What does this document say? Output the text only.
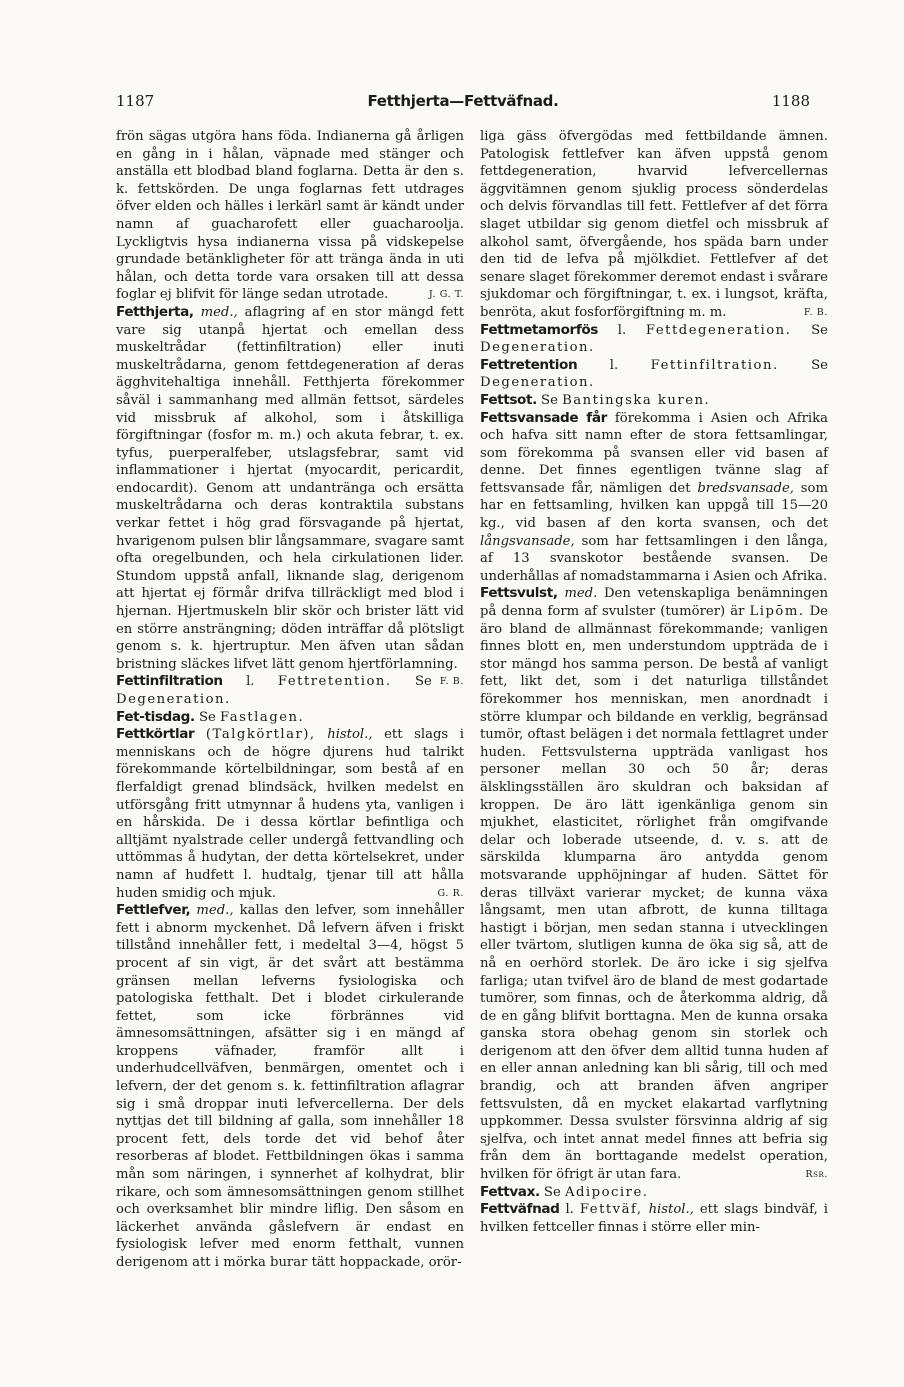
1187	Fetthjerta—Fettväfnad.	1188

frön sägas utgöra hans föda. Indianerna gå årligen en gång in i hålan, väpnade med stänger och anställa ett blodbad bland foglarna. Detta är den s. k. fettskörden. De unga foglarnas fett utdrages öfver elden och hälles i lerkärl samt är kändt under namn af guacharofett eller guacharoolja. Lyckligtvis hysa indianerna vissa på vidskepelse grundade betänkligheter för att tränga ända in uti hålan, och detta torde vara orsaken till att dessa foglar ej blifvit för länge sedan utrotade.	J. G. T.

Fetthjerta, med., aflagring af en stor mängd fett vare sig utanpå hjertat och emellan dess muskeltrådar (fettinfiltration) eller inuti muskeltrådarna, genom fettdegeneration af deras ägghvitehaltiga innehåll. Fetthjerta förekommer såväl i sammanhang med allmän fettsot, särdeles vid missbruk af alkohol, som i åtskilliga förgiftningar (fosfor m. m.) och akuta febrar, t. ex. tyfus, puerperalfeber, utslagsfebrar, samt vid inflammationer i hjertat (myocardit, pericardit, endocardit). Genom att undantränga och ersätta muskeltrådarna och deras kontraktila substans verkar fettet i hög grad försvagande på hjertat, hvarigenom pulsen blir långsammare, svagare samt ofta oregelbunden, och hela cirkulationen lider. Stundom uppstå anfall, liknande slag, derigenom att hjertat ej förmår drifva tillräckligt med blod i hjernan. Hjertmuskeln blir skör och brister lätt vid en större ansträngning; döden inträffar då plötsligt genom s. k. hjertruptur. Men äfven utan sådan bristning släckes lifvet lätt genom hjertförlamning.
F. B.

Fettinfiltration l. Fettretention. Se Degeneration.

Fet-tisdag. Se Fastlagen.

Fettkörtlar (Talgkörtlar), histol., ett slags i menniskans och de högre djurens hud talrikt förekommande körtelbildningar, som bestå af en flerfaldigt grenad blindsäck, hvilken medelst en utförsgång fritt utmynnar å hudens yta, vanligen i en hårskida. De i dessa körtlar befintliga och alltjämt nyalstrade celler undergå fettvandling och uttömmas å hudytan, der detta körtelsekret, under namn af hudfett l. hudtalg, tjenar till att hålla huden smidig och mjuk.	G. R.

Fettlefver, med., kallas den lefver, som innehåller fett i abnorm myckenhet. Då lefvern äfven i friskt tillstånd innehåller fett, i medeltal 3—4, högst 5 procent af sin vigt, är det svårt att bestämma gränsen mellan lefverns fysiologiska och patologiska fetthalt. Det i blodet cirkulerande fettet, som icke förbrännes vid ämnesomsättningen, afsätter sig i en mängd af kroppens väfnader, framför allt i underhudcellväfven, benmärgen, omentet och i lefvern, der det genom s. k. fettinfiltration aflagrar sig i små droppar inuti lefvercellerna. Der dels nyttjas det till bildning af galla, som innehåller 18 procent fett, dels torde det vid behof åter resorberas af blodet. Fettbildningen ökas i samma mån som näringen, i synnerhet af kolhydrat, blir rikare, och som ämnesomsättningen genom stillhet och overksamhet blir mindre liflig. Den såsom en läckerhet använda gåslefvern är endast en fysiologisk lefver med enorm fetthalt, vunnen derigenom att i mörka burar tätt hoppackade, orör-

liga gäss öfvergödas med fettbildande ämnen. Patologisk fettlefver kan äfven uppstå genom fettdegeneration, hvarvid lefvercellernas äggvitämnen genom sjuklig process sönderdelas och delvis förvandlas till fett. Fettlefver af det förra slaget utbildar sig genom dietfel och missbruk af alkohol samt, öfvergående, hos späda barn under den tid de lefva på mjölkdiet. Fettlefver af det senare slaget förekommer deremot endast i svårare sjukdomar och förgiftningar, t. ex. i lungsot, kräfta, benröta, akut fosforförgiftning m. m.	F. B.

Fettmetamorfös l. Fettdegeneration. Se Degeneration.

Fettretention l. Fettinfiltration. Se Degeneration.

Fettsot. Se Bantingska kuren.

Fettsvansade får förekomma i Asien och Afrika och hafva sitt namn efter de stora fettsamlingar, som förekomma på svansen eller vid basen af denne. Det finnes egentligen tvänne slag af fettsvansade får, nämligen det bredsvansade, som har en fettsamling, hvilken kan uppgå till 15—20 kg., vid basen af den korta svansen, och det långsvansade, som har fettsamlingen i den långa, af 13 svanskotor bestående svansen. De underhållas af nomadstammarna i Asien och Afrika.

Fettsvulst, med. Den vetenskapliga benämningen på denna form af svulster (tumörer) är Lipōm. De äro bland de allmännast förekommande; vanligen finnes blott en, men understundom uppträda de i stor mängd hos samma person. De bestå af vanligt fett, likt det, som i det naturliga tillståndet förekommer hos menniskan, men anordnadt i större klumpar och bildande en verklig, begränsad tumör, oftast belägen i det normala fettlagret under huden. Fettsvulsterna uppträda vanligast hos personer mellan 30 och 50 år; deras älsklingsställen äro skuldran och baksidan af kroppen. De äro lätt igenkänliga genom sin mjukhet, elasticitet, rörlighet från omgifvande delar och loberade utseende, d. v. s. att de särskilda klumparna äro antydda genom motsvarande upphöjningar af huden. Sättet för deras tillväxt varierar mycket; de kunna växa långsamt, men utan afbrott, de kunna tilltaga hastigt i början, men sedan stanna i utvecklingen eller tvärtom, slutligen kunna de öka sig så, att de nå en oerhörd storlek. De äro icke i sig sjelfva farliga; utan tvifvel äro de bland de mest godartade tumörer, som finnas, och de återkomma aldrig, då de en gång blifvit borttagna. Men de kunna orsaka ganska stora obehag genom sin storlek och derigenom att den öfver dem alltid tunna huden af en eller annan anledning kan bli sårig, till och med brandig, och att branden äfven angriper fettsvulsten, då en mycket elakartad varflytning uppkommer. Dessa svulster försvinna aldrig af sig sjelfva, och intet annat medel finnes att befria sig från dem än borttagande medelst operation, hvilken för öfrigt är utan fara.	Rsr.

Fettvax. Se Adipocire.

Fettväfnad l. Fettväf, histol., ett slags bindväf, i hvilken fettceller finnas i större eller min-
